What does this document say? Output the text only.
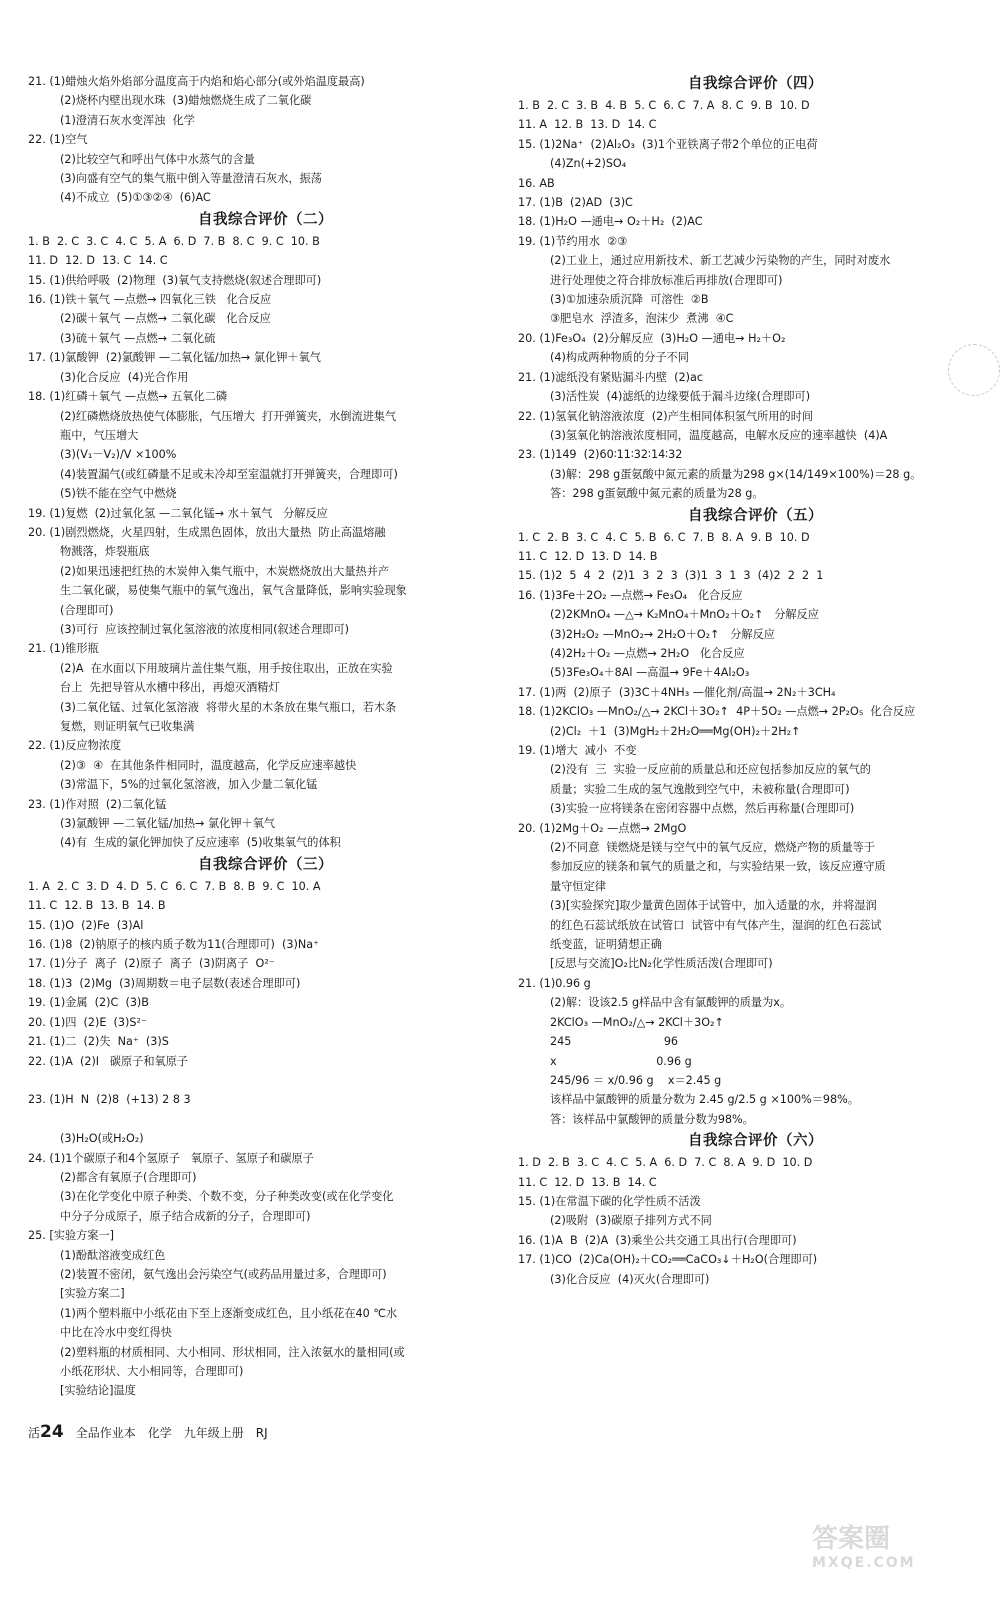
21. (1)蜡烛火焰外焰部分温度高于内焰和焰心部分(或外焰温度最高)
(2)烧杯内壁出现水珠  (3)蜡烛燃烧生成了二氧化碳
(1)澄清石灰水变浑浊  化学
22. (1)空气
(2)比较空气和呼出气体中水蒸气的含量
(3)向盛有空气的集气瓶中倒入等量澄清石灰水，振荡
(4)不成立  (5)①③②④  (6)AC
自我综合评价（二）
1. B  2. C  3. C  4. C  5. A  6. D  7. B  8. C  9. C  10. B
11. D  12. D  13. C  14. C
15. (1)供给呼吸  (2)物理  (3)氧气支持燃烧(叙述合理即可)
16. (1)铁＋氧气 —点燃→ 四氧化三铁   化合反应
(2)碳＋氧气 —点燃→ 二氧化碳   化合反应
(3)硫＋氧气 —点燃→ 二氧化硫
17. (1)氯酸钾  (2)氯酸钾 —二氧化锰/加热→ 氯化钾＋氧气
(3)化合反应  (4)光合作用
18. (1)红磷＋氧气 —点燃→ 五氧化二磷
(2)红磷燃烧放热使气体膨胀，气压增大  打开弹簧夹，水倒流进集气
瓶中，气压增大
(3)(V₁－V₂)/V ×100%
(4)装置漏气(或红磷量不足或未冷却至室温就打开弹簧夹，合理即可)
(5)铁不能在空气中燃烧
19. (1)复燃  (2)过氧化氢 —二氧化锰→ 水＋氧气   分解反应
20. (1)剧烈燃烧，火星四射，生成黑色固体，放出大量热  防止高温熔融
物溅落，炸裂瓶底
(2)如果迅速把红热的木炭伸入集气瓶中，木炭燃烧放出大量热并产
生二氧化碳，易使集气瓶中的氧气逸出，氧气含量降低，影响实验现象
(合理即可)
(3)可行  应该控制过氧化氢溶液的浓度相同(叙述合理即可)
21. (1)锥形瓶
(2)A  在水面以下用玻璃片盖住集气瓶，用手按住取出，正放在实验
台上  先把导管从水槽中移出，再熄灭酒精灯
(3)二氧化锰、过氧化氢溶液  将带火星的木条放在集气瓶口，若木条
复燃，则证明氧气已收集满
22. (1)反应物浓度
(2)③  ④  在其他条件相同时，温度越高，化学反应速率越快
(3)常温下，5%的过氧化氢溶液，加入少量二氧化锰
23. (1)作对照  (2)二氧化锰
(3)氯酸钾 —二氧化锰/加热→ 氯化钾＋氧气
(4)有  生成的氯化钾加快了反应速率  (5)收集氧气的体积
自我综合评价（三）
1. A  2. C  3. D  4. D  5. C  6. C  7. B  8. B  9. C  10. A
11. C  12. B  13. B  14. B
15. (1)O  (2)Fe  (3)Al
16. (1)8  (2)钠原子的核内质子数为11(合理即可)  (3)Na⁺
17. (1)分子  离子  (2)原子  离子  (3)阴离子  O²⁻
18. (1)3  (2)Mg  (3)周期数＝电子层数(表述合理即可)
19. (1)金属  (2)C  (3)B
20. (1)四  (2)E  (3)S²⁻
21. (1)二  (2)失  Na⁺  (3)S
22. (1)A  (2)Ⅰ   碳原子和氧原子

23. (1)H  N  (2)8  (+13) 2 8 3

(3)H₂O(或H₂O₂)
24. (1)1个碳原子和4个氢原子   氧原子、氢原子和碳原子
(2)都含有氧原子(合理即可)
(3)在化学变化中原子种类、个数不变，分子种类改变(或在化学变化
中分子分成原子，原子结合成新的分子，合理即可)
25. [实验方案一]
(1)酚酞溶液变成红色
(2)装置不密闭，氨气逸出会污染空气(或药品用量过多，合理即可)
[实验方案二]
(1)两个塑料瓶中小纸花由下至上逐渐变成红色，且小纸花在40 ℃水
中比在冷水中变红得快
(2)塑料瓶的材质相同、大小相同、形状相同，注入浓氨水的量相同(或
小纸花形状、大小相同等，合理即可)
[实验结论]温度
自我综合评价（四）
1. B  2. C  3. B  4. B  5. C  6. C  7. A  8. C  9. B  10. D
11. A  12. B  13. D  14. C
15. (1)2Na⁺  (2)Al₂O₃  (3)1个亚铁离子带2个单位的正电荷
(4)Zn(+2)SO₄
16. AB
17. (1)B  (2)AD  (3)C
18. (1)H₂O —通电→ O₂＋H₂  (2)AC
19. (1)节约用水  ②③
(2)工业上，通过应用新技术、新工艺减少污染物的产生，同时对废水
进行处理使之符合排放标准后再排放(合理即可)
(3)①加速杂质沉降  可溶性  ②B
③肥皂水  浮渣多，泡沫少  煮沸  ④C
20. (1)Fe₃O₄  (2)分解反应  (3)H₂O —通电→ H₂＋O₂
(4)构成两种物质的分子不同
21. (1)滤纸没有紧贴漏斗内壁  (2)ac
(3)活性炭  (4)滤纸的边缘要低于漏斗边缘(合理即可)
22. (1)氢氧化钠溶液浓度  (2)产生相同体积氢气所用的时间
(3)氢氧化钠溶液浓度相同，温度越高，电解水反应的速率越快  (4)A
23. (1)149  (2)60∶11∶32∶14∶32
(3)解：298 g蛋氨酸中氮元素的质量为298 g×(14/149×100%)＝28 g。
答：298 g蛋氨酸中氮元素的质量为28 g。
自我综合评价（五）
1. C  2. B  3. C  4. C  5. B  6. C  7. B  8. A  9. B  10. D
11. C  12. D  13. D  14. B
15. (1)2  5  4  2  (2)1  3  2  3  (3)1  3  1  3  (4)2  2  2  1
16. (1)3Fe＋2O₂ —点燃→ Fe₃O₄   化合反应
(2)2KMnO₄ —△→ K₂MnO₄＋MnO₂＋O₂↑   分解反应
(3)2H₂O₂ —MnO₂→ 2H₂O＋O₂↑   分解反应
(4)2H₂＋O₂ —点燃→ 2H₂O   化合反应
(5)3Fe₃O₄＋8Al —高温→ 9Fe＋4Al₂O₃
17. (1)两  (2)原子  (3)3C＋4NH₃ —催化剂/高温→ 2N₂＋3CH₄
18. (1)2KClO₃ —MnO₂/△→ 2KCl＋3O₂↑  4P＋5O₂ —点燃→ 2P₂O₅  化合反应
(2)Cl₂  ＋1  (3)MgH₂＋2H₂O══Mg(OH)₂＋2H₂↑
19. (1)增大  减小  不变
(2)没有  三  实验一反应前的质量总和还应包括参加反应的氧气的
质量；实验二生成的氢气逸散到空气中，未被称量(合理即可)
(3)实验一应将镁条在密闭容器中点燃，然后再称量(合理即可)
20. (1)2Mg＋O₂ —点燃→ 2MgO
(2)不同意  镁燃烧是镁与空气中的氧气反应，燃烧产物的质量等于
参加反应的镁条和氧气的质量之和，与实验结果一致，该反应遵守质
量守恒定律
(3)[实验探究]取少量黄色固体于试管中，加入适量的水，并将湿润
的红色石蕊试纸放在试管口  试管中有气体产生，湿润的红色石蕊试
纸变蓝，证明猜想正确
[反思与交流]O₂比N₂化学性质活泼(合理即可)
21. (1)0.96 g
(2)解：设该2.5 g样品中含有氯酸钾的质量为x。
2KClO₃ —MnO₂/△→ 2KCl＋3O₂↑
245                          96
x                            0.96 g
245/96 ＝ x/0.96 g    x＝2.45 g
该样品中氯酸钾的质量分数为 2.45 g/2.5 g ×100%＝98%。
答：该样品中氯酸钾的质量分数为98%。
自我综合评价（六）
1. D  2. B  3. C  4. C  5. A  6. D  7. C  8. A  9. D  10. D
11. C  12. D  13. B  14. C
15. (1)在常温下碳的化学性质不活泼
(2)吸附  (3)碳原子排列方式不同
16. (1)A  B  (2)A  (3)乘坐公共交通工具出行(合理即可)
17. (1)CO  (2)Ca(OH)₂＋CO₂══CaCO₃↓＋H₂O(合理即可)
(3)化合反应  (4)灭火(合理即可)
活24 全品作业本 化学 九年级上册 RJ
答案圈
MXQE.COM
